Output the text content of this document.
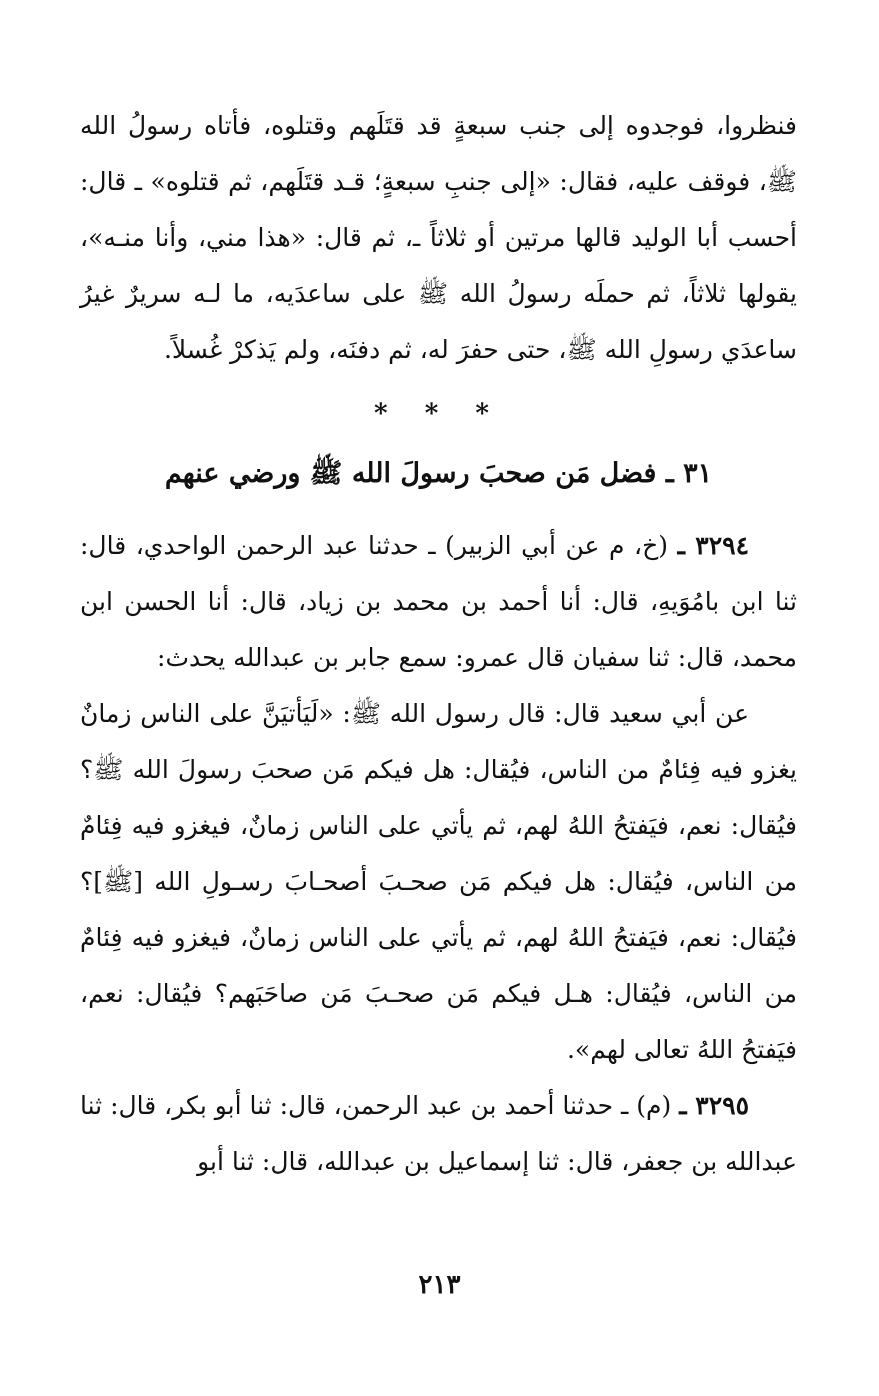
فنظروا، فوجدوه إلى جنب سبعةٍ قد قتَلَهم وقتلوه، فأتاه رسولُ الله ﷺ، فوقف عليه، فقال: «إلى جنبِ سبعةٍ؛ قـد قتَلَهم، ثم قتلوه» ـ قال: أحسب أبا الوليد قالها مرتين أو ثلاثاً ـ، ثم قال: «هذا مني، وأنا منـه»، يقولها ثلاثاً، ثم حملَه رسولُ الله ﷺ على ساعدَيه، ما لـه سريرٌ غيرُ ساعدَي رسولِ الله ﷺ، حتى حفرَ له، ثم دفنَه، ولم يَذكرْ غُسلاً.

* * *
٣١ ـ فضل مَن صحبَ رسولَ الله ﷺ ورضي عنهم

٣٢٩٤ ـ (خ، م عن أبي الزبير) ـ حدثنا عبد الرحمن الواحدي، قال: ثنا ابن بامُوَيهِ، قال: أنا أحمد بن محمد بن زياد، قال: أنا الحسن ابن محمد، قال: ثنا سفيان قال عمرو: سمع جابر بن عبدالله يحدث:

عن أبي سعيد قال: قال رسول الله ﷺ: «لَيَأتيَنَّ على الناس زمانٌ يغزو فيه فِئامٌ من الناس، فيُقال: هل فيكم مَن صحبَ رسولَ الله ﷺ؟ فيُقال: نعم، فيَفتحُ اللهُ لهم، ثم يأتي على الناس زمانٌ، فيغزو فيه فِئامٌ من الناس، فيُقال: هل فيكم مَن صحـبَ أصحـابَ رسـولِ الله [ﷺ]؟ فيُقال: نعم، فيَفتحُ اللهُ لهم، ثم يأتي على الناس زمانٌ، فيغزو فيه فِئامٌ من الناس، فيُقال: هـل فيكم مَن صحـبَ مَن صاحَبَهم؟ فيُقال: نعم، فيَفتحُ اللهُ تعالى لهم».

٣٢٩٥ ـ (م) ـ حدثنا أحمد بن عبد الرحمن، قال: ثنا أبو بكر، قال: ثنا عبدالله بن جعفر، قال: ثنا إسماعيل بن عبدالله، قال: ثنا أبو

٢١٣
